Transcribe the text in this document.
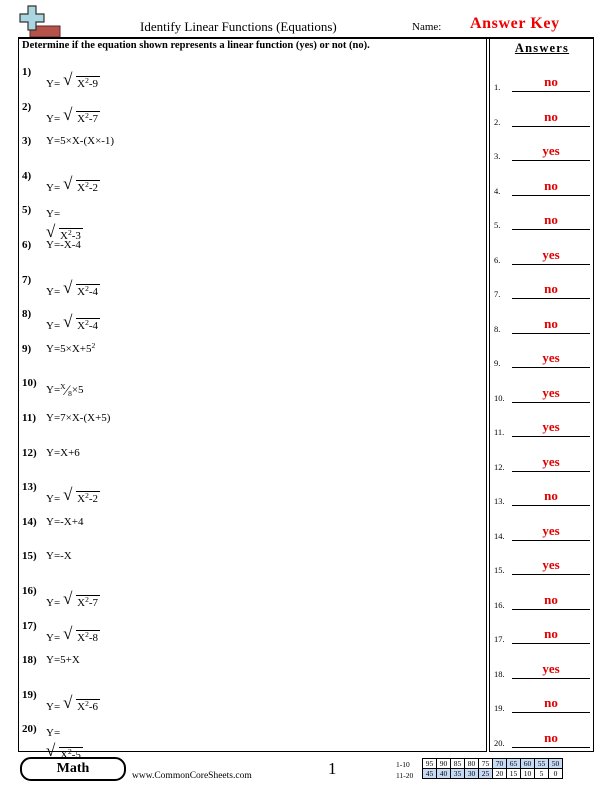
Identify Linear Functions (Equations)	Name: Answer Key
Determine if the equation shown represents a linear function (yes) or not (no).	Answers
1)
Y= √ $X^2-9$
2)
Y= √ $X^2-7$
3) Y=5×X-(X×-1)
4)
Y= √ $X^2-2$
5) Y=

√ $X^2-3$
6) Y=-X-4
7)
Y= √ $X^2-4$
8)
Y= √ $X^2-4$
9) $Y=5\times X+5^2$
10)
$Y=^X⁄_8\times 5$
11) Y=7×X-(X+5)
12) Y=X+6
13)
Y= √ $X^2-2$
14) Y=-X+4
15) Y=-X
16)
Y= √ $X^2-7$
17)
Y= √ $X^2-8$
18) Y=5+X
19)
Y= √ $X^2-6$
20) Y=

√ $X^2-5$
1.	no
2.	no
3.	yes
4.	no
5.	no
6.	yes
7.	no
8.	no
9.	yes
10.	yes
11.	yes
12.	yes
13.	no
14.	yes
15.	yes
16.	no
17.	no
18.	yes
19.	no
20.	no
Math	www.CommonCoreSheets.com	1	1-10
11-20
95	90	85	80	75	70	65	60	55	50
45	40	35	30	25	20	15	10	5	0
